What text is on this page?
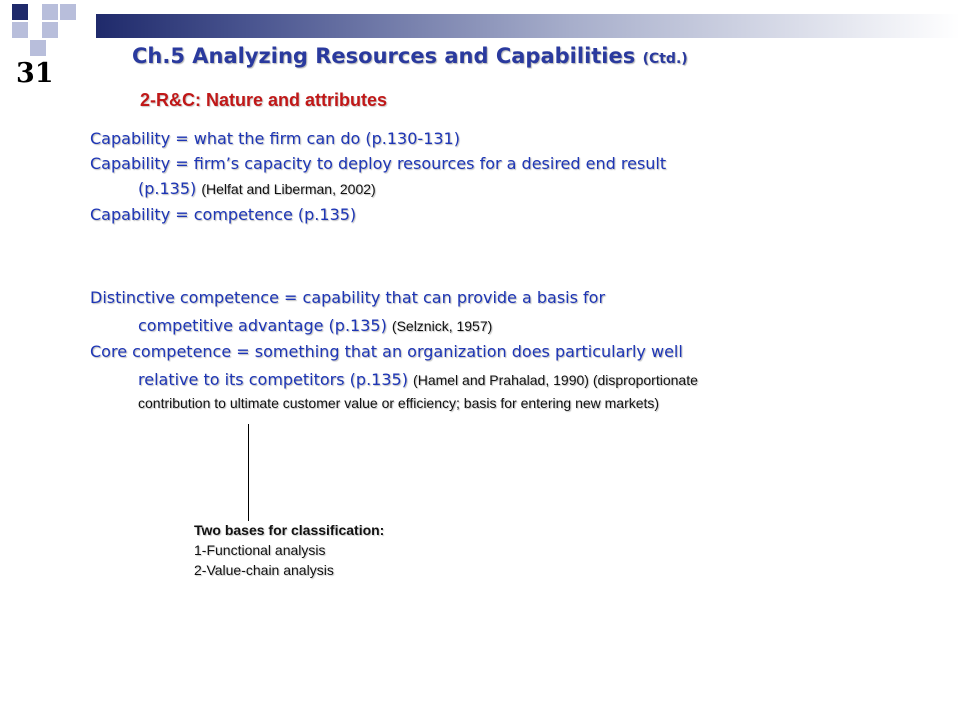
31
Ch.5 Analyzing Resources and Capabilities (Ctd.)
2-R&C: Nature and attributes

Capability = what the firm can do (p.130-131)

Capability = firm’s capacity to deploy resources for a desired end result

(p.135) (Helfat and Liberman, 2002)

Capability = competence (p.135)

Distinctive competence = capability that can provide a basis for

competitive advantage (p.135) (Selznick, 1957)

Core competence = something that an organization does particularly well

relative to its competitors (p.135) (Hamel and Prahalad, 1990) (disproportionate

contribution to ultimate customer value or efficiency; basis for entering new markets)

Two bases for classification:
1-Functional analysis
2-Value-chain analysis
